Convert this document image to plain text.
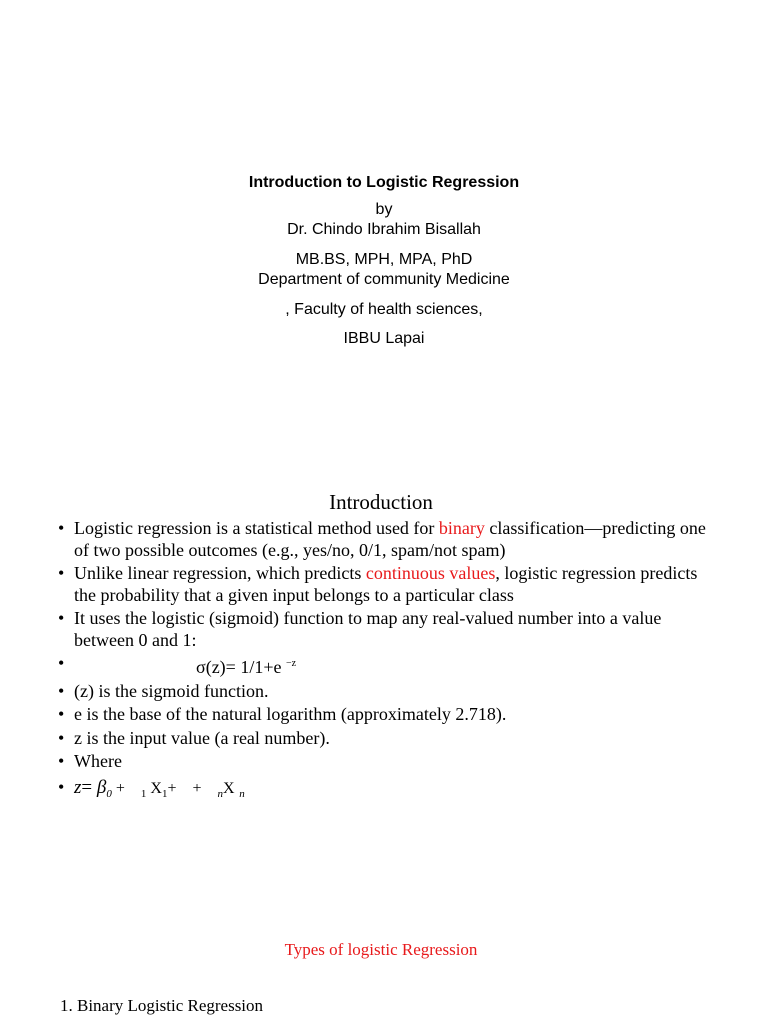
Introduction to Logistic Regression
by
Dr. Chindo Ibrahim Bisallah
MB.BS, MPH, MPA, PhD
Department of community Medicine
, Faculty of health sciences,
IBBU Lapai
Introduction
• Logistic regression is a statistical method used for binary classification—predicting one of two possible outcomes (e.g., yes/no, 0/1, spam/not spam)
• Unlike linear regression, which predicts continuous values, logistic regression predicts the probability that a given input belongs to a particular class
• It uses the logistic (sigmoid) function to map any real-valued number into a value between 0 and 1:
•	σ(z)= 1/1+e $^{-z}$
• (z) is the sigmoid function.
• e is the base of the natural logarithm (approximately 2.718).
• z is the input value (a real number).
• Where
• $z= \beta_0$ +    $_1$ $X_1+$    +    $_n$X $_n$
Types of logistic Regression
1. Binary Logistic Regression
